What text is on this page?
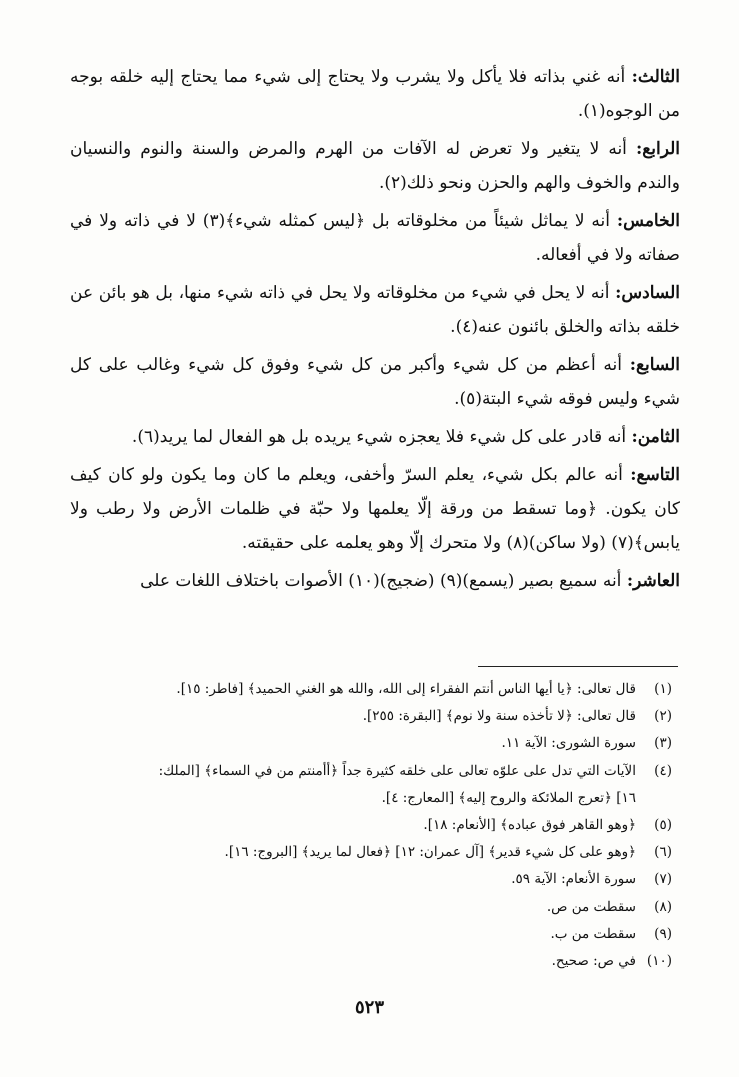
الثالث: أنه غني بذاته فلا يأكل ولا يشرب ولا يحتاج إلى شيء مما يحتاج إليه خلقه بوجه من الوجوه(١).

الرابع: أنه لا يتغير ولا تعرض له الآفات من الهرم والمرض والسنة والنوم والنسيان والندم والخوف والهم والحزن ونحو ذلك(٢).

الخامس: أنه لا يماثل شيئاً من مخلوقاته بل ﴿ليس كمثله شيء﴾(٣) لا في ذاته ولا في صفاته ولا في أفعاله.

السادس: أنه لا يحل في شيء من مخلوقاته ولا يحل في ذاته شيء منها، بل هو بائن عن خلقه بذاته والخلق بائنون عنه(٤).

السابع: أنه أعظم من كل شيء وأكبر من كل شيء وفوق كل شيء وغالب على كل شيء وليس فوقه شيء البتة(٥).

الثامن: أنه قادر على كل شيء فلا يعجزه شيء يريده بل هو الفعال لما يريد(٦).

التاسع: أنه عالم بكل شيء، يعلم السرّ وأخفى، ويعلم ما كان وما يكون ولو كان كيف كان يكون. ﴿وما تسقط من ورقة إلّا يعلمها ولا حبّة في ظلمات الأرض ولا رطب ولا يابس﴾(٧) (ولا ساكن)(٨) ولا متحرك إلّا وهو يعلمه على حقيقته.

العاشر: أنه سميع بصير (يسمع)(٩) (ضجيج)(١٠) الأصوات باختلاف اللغات على

(١)
قال تعالى: ﴿يا أيها الناس أنتم الفقراء إلى الله، والله هو الغني الحميد﴾ [فاطر: ١٥].
(٢)
قال تعالى: ﴿لا تأخذه سنة ولا نوم﴾ [البقرة: ٢٥٥].
(٣)
سورة الشورى: الآية ١١.
(٤)
الآيات التي تدل على علوّه تعالى على خلقه كثيرة جداً ﴿أأمنتم من في السماء﴾ [الملك: ١٦] ﴿تعرج الملائكة والروح إليه﴾ [المعارج: ٤].
(٥)
﴿وهو القاهر فوق عباده﴾ [الأنعام: ١٨].
(٦)
﴿وهو على كل شيء قدير﴾ [آل عمران: ١٢] ﴿فعال لما يريد﴾ [البروج: ١٦].
(٧)
سورة الأنعام: الآية ٥٩.
(٨)
سقطت من ص.
(٩)
سقطت من ب.
(١٠)
في ص: صحيح.
٥٢٣
